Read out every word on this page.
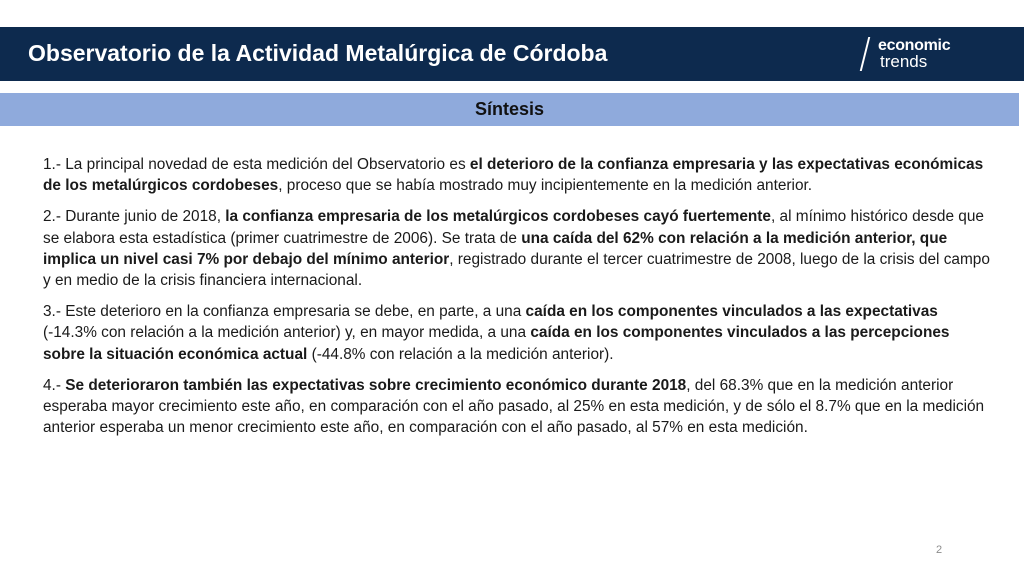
Observatorio de la Actividad Metalúrgica de Córdoba	economic
trends
Síntesis

1.- La principal novedad de esta medición del Observatorio es el deterioro de la confianza empresaria y las expectativas económicas de los metalúrgicos cordobeses, proceso que se había mostrado muy incipientemente en la medición anterior.

2.- Durante junio de 2018, la confianza empresaria de los metalúrgicos cordobeses cayó fuertemente, al mínimo histórico desde que se elabora esta estadística (primer cuatrimestre de 2006). Se trata de una caída del 62% con relación a la medición anterior, que implica un nivel casi 7% por debajo del mínimo anterior, registrado durante el tercer cuatrimestre de 2008, luego de la crisis del campo y en medio de la crisis financiera internacional.

3.- Este deterioro en la confianza empresaria se debe, en parte, a una caída en los componentes vinculados a las expectativas (-14.3% con relación a la medición anterior) y, en mayor medida, a una caída en los componentes vinculados a las percepciones sobre la situación económica actual (-44.8% con relación a la medición anterior).

4.- Se deterioraron también las expectativas sobre crecimiento económico durante 2018, del 68.3% que en la medición anterior esperaba mayor crecimiento este año, en comparación con el año pasado, al 25% en esta medición, y de sólo el 8.7% que en la medición anterior esperaba un menor crecimiento este año, en comparación con el año pasado, al 57% en esta medición.

2
